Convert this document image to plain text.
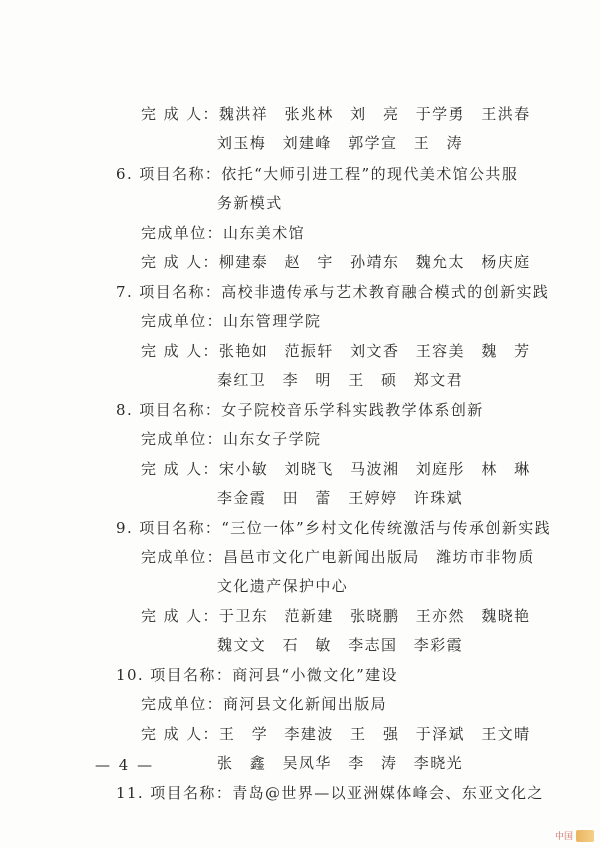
完 成 人：魏洪祥　张兆林　刘　亮　于学勇　王洪春
刘玉梅　刘建峰　郭学宣　王　涛
6. 项目名称：依托“大师引进工程”的现代美术馆公共服
务新模式
完成单位：山东美术馆
完 成 人：柳建泰　赵　宇　孙靖东　魏允太　杨庆庭
7. 项目名称：高校非遗传承与艺术教育融合模式的创新实践
完成单位：山东管理学院
完 成 人：张艳如　范振轩　刘文香　王容美　魏　芳
秦红卫　李　明　王　硕　郑文君
8. 项目名称：女子院校音乐学科实践教学体系创新
完成单位：山东女子学院
完 成 人：宋小敏　刘晓飞　马波湘　刘庭彤　林　琳
李金霞　田　蕾　王婷婷　许珠斌
9. 项目名称：“三位一体”乡村文化传统激活与传承创新实践
完成单位：昌邑市文化广电新闻出版局　潍坊市非物质
文化遗产保护中心
完 成 人：于卫东　范新建　张晓鹏　王亦然　魏晓艳
魏文文　石　敏　李志国　李彩霞
10. 项目名称：商河县“小微文化”建设
完成单位：商河县文化新闻出版局
完 成 人：王　学　李建波　王　强　于泽斌　王文晴
张　鑫　吴凤华　李　涛　李晓光
11. 项目名称：青岛@世界—以亚洲媒体峰会、东亚文化之
— 4 —
中国
